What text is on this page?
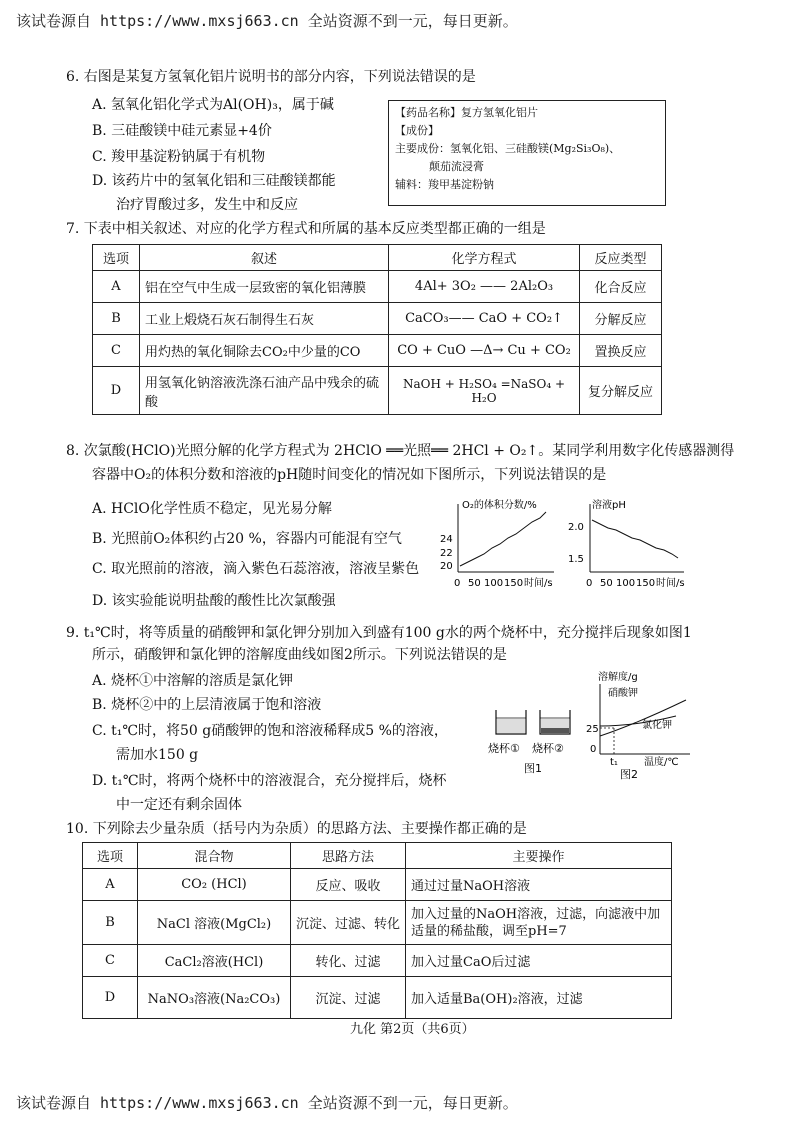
该试卷源自 https://www.mxsj663.cn 全站资源不到一元，每日更新。
6. 右图是某复方氢氧化铝片说明书的部分内容，下列说法错误的是
A. 氢氧化铝化学式为Al(OH)₃，属于碱
B. 三硅酸镁中硅元素显+4价
C. 羧甲基淀粉钠属于有机物
D. 该药片中的氢氧化铝和三硅酸镁都能
治疗胃酸过多，发生中和反应
【药品名称】复方氢氧化铝片
【成份】
主要成份：氢氧化铝、三硅酸镁(Mg₂Si₃O₈)、
颠茄流浸膏
辅料：羧甲基淀粉钠
7. 下表中相关叙述、对应的化学方程式和所属的基本反应类型都正确的一组是
选项	叙述	化学方程式	反应类型
A	铝在空气中生成一层致密的氧化铝薄膜	4Al+ 3O₂ —— 2Al₂O₃	化合反应
B	工业上煅烧石灰石制得生石灰	CaCO₃—— CaO + CO₂↑	分解反应
C	用灼热的氧化铜除去CO₂中少量的CO	CO + CuO —Δ→ Cu + CO₂	置换反应
D	用氢氧化钠溶液洗涤石油产品中残余的硫酸	NaOH + H₂SO₄ =NaSO₄ + H₂O	复分解反应
8. 次氯酸(HClO)光照分解的化学方程式为 2HClO ══光照══ 2HCl + O₂↑。某同学利用数字化传感器测得
容器中O₂的体积分数和溶液的pH随时间变化的情况如下图所示，下列说法错误的是
A. HClO化学性质不稳定，见光易分解
B. 光照前O₂体积约占20 %，容器内可能混有空气
C. 取光照前的溶液，滴入紫色石蕊溶液，溶液呈紫色
D. 该实验能说明盐酸的酸性比次氯酸强
O₂的体积分数/%
24
22
20
0 50 100 150 时间/s
溶液pH
2.0
1.5
0 50 100 150 时间/s
9. t₁℃时，将等质量的硝酸钾和氯化钾分别加入到盛有100 g水的两个烧杯中，充分搅拌后现象如图1
所示，硝酸钾和氯化钾的溶解度曲线如图2所示。下列说法错误的是
A. 烧杯①中溶解的溶质是氯化钾
B. 烧杯②中的上层清液属于饱和溶液
C. t₁℃时，将50 g硝酸钾的饱和溶液稀释成5 %的溶液，
需加水150 g
D. t₁℃时，将两个烧杯中的溶液混合，充分搅拌后，烧杯
中一定还有剩余固体
烧杯① 烧杯②
图1
溶解度/g
硝酸钾
氯化钾
25
0
t₁	温度/℃
图2
10. 下列除去少量杂质（括号内为杂质）的思路方法、主要操作都正确的是
选项	混合物	思路方法	主要操作
A	CO₂ (HCl)	反应、吸收	通过过量NaOH溶液
B	NaCl 溶液(MgCl₂)	沉淀、过滤、转化	加入过量的NaOH溶液，过滤，向滤液中加适量的稀盐酸，调至pH=7
C	CaCl₂溶液(HCl)	转化、过滤	加入过量CaO后过滤
D	NaNO₃溶液(Na₂CO₃)	沉淀、过滤	加入适量Ba(OH)₂溶液，过滤
九化 第2页（共6页）
该试卷源自 https://www.mxsj663.cn 全站资源不到一元，每日更新。
